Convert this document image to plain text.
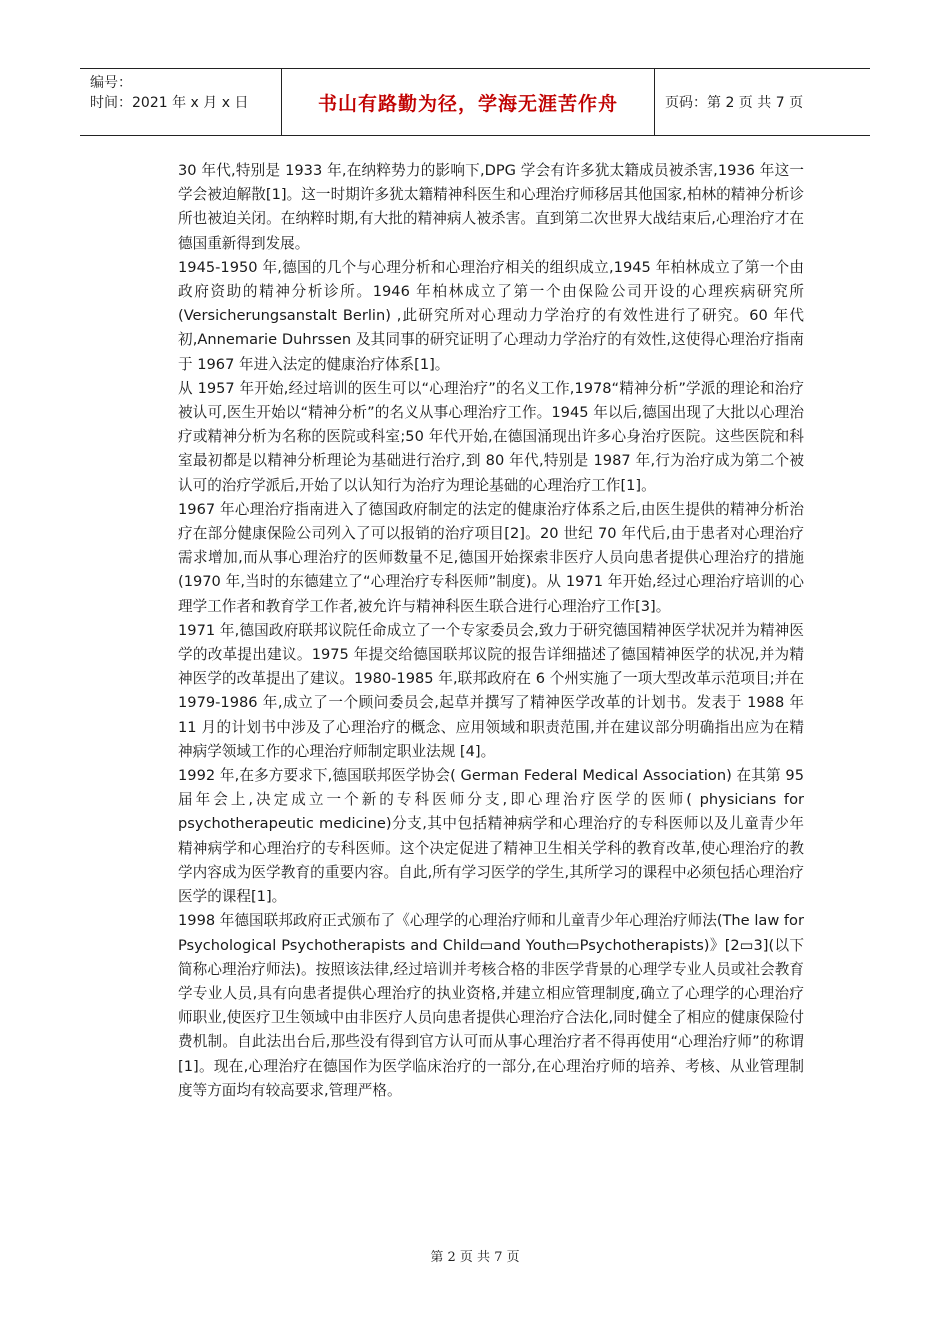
编号：
时间：2021 年 x 月 x 日	书山有路勤为径，学海无涯苦作舟	页码：第 2 页 共 7 页

30 年代,特别是 1933 年,在纳粹势力的影响下,DPG 学会有许多犹太籍成员被杀害,1936 年这一学会被迫解散[1]。这一时期许多犹太籍精神科医生和心理治疗师移居其他国家,柏林的精神分析诊所也被迫关闭。在纳粹时期,有大批的精神病人被杀害。直到第二次世界大战结束后,心理治疗才在德国重新得到发展。

1945-1950 年,德国的几个与心理分析和心理治疗相关的组织成立,1945 年柏林成立了第一个由政府资助的精神分析诊所。1946 年柏林成立了第一个由保险公司开设的心理疾病研究所(Versicherungsanstalt Berlin) ,此研究所对心理动力学治疗的有效性进行了研究。60 年代初,Annemarie Duhrssen 及其同事的研究证明了心理动力学治疗的有效性,这使得心理治疗指南于 1967 年进入法定的健康治疗体系[1]。

从 1957 年开始,经过培训的医生可以“心理治疗”的名义工作,1978“精神分析”学派的理论和治疗被认可,医生开始以“精神分析”的名义从事心理治疗工作。1945 年以后,德国出现了大批以心理治疗或精神分析为名称的医院或科室;50 年代开始,在德国涌现出许多心身治疗医院。这些医院和科室最初都是以精神分析理论为基础进行治疗,到 80 年代,特别是 1987 年,行为治疗成为第二个被认可的治疗学派后,开始了以认知行为治疗为理论基础的心理治疗工作[1]。

1967 年心理治疗指南进入了德国政府制定的法定的健康治疗体系之后,由医生提供的精神分析治疗在部分健康保险公司列入了可以报销的治疗项目[2]。20 世纪 70 年代后,由于患者对心理治疗需求增加,而从事心理治疗的医师数量不足,德国开始探索非医疗人员向患者提供心理治疗的措施(1970 年,当时的东德建立了“心理治疗专科医师”制度)。从 1971 年开始,经过心理治疗培训的心理学工作者和教育学工作者,被允许与精神科医生联合进行心理治疗工作[3]。

1971 年,德国政府联邦议院任命成立了一个专家委员会,致力于研究德国精神医学状况并为精神医学的改革提出建议。1975 年提交给德国联邦议院的报告详细描述了德国精神医学的状况,并为精神医学的改革提出了建议。1980-1985 年,联邦政府在 6 个州实施了一项大型改革示范项目;并在 1979-1986 年,成立了一个顾问委员会,起草并撰写了精神医学改革的计划书。发表于 1988 年 11 月的计划书中涉及了心理治疗的概念、应用领域和职责范围,并在建议部分明确指出应为在精神病学领域工作的心理治疗师制定职业法规 [4]。

1992 年,在多方要求下,德国联邦医学协会( German Federal Medical Association) 在其第 95 届年会上,决定成立一个新的专科医师分支,即心理治疗医学的医师( physicians for psychotherapeutic medicine)分支,其中包括精神病学和心理治疗的专科医师以及儿童青少年精神病学和心理治疗的专科医师。这个决定促进了精神卫生相关学科的教育改革,使心理治疗的教学内容成为医学教育的重要内容。自此,所有学习医学的学生,其所学习的课程中必须包括心理治疗医学的课程[1]。

1998 年德国联邦政府正式颁布了《心理学的心理治疗师和儿童青少年心理治疗师法(The law for Psychological Psychotherapists and Child▭and Youth▭Psychotherapists)》[2▭3](以下简称心理治疗师法)。按照该法律,经过培训并考核合格的非医学背景的心理学专业人员或社会教育学专业人员,具有向患者提供心理治疗的执业资格,并建立相应管理制度,确立了心理学的心理治疗师职业,使医疗卫生领域中由非医疗人员向患者提供心理治疗合法化,同时健全了相应的健康保险付费机制。自此法出台后,那些没有得到官方认可而从事心理治疗者不得再使用“心理治疗师”的称谓[1]。现在,心理治疗在德国作为医学临床治疗的一部分,在心理治疗师的培养、考核、从业管理制度等方面均有较高要求,管理严格。

第 2 页 共 7 页
